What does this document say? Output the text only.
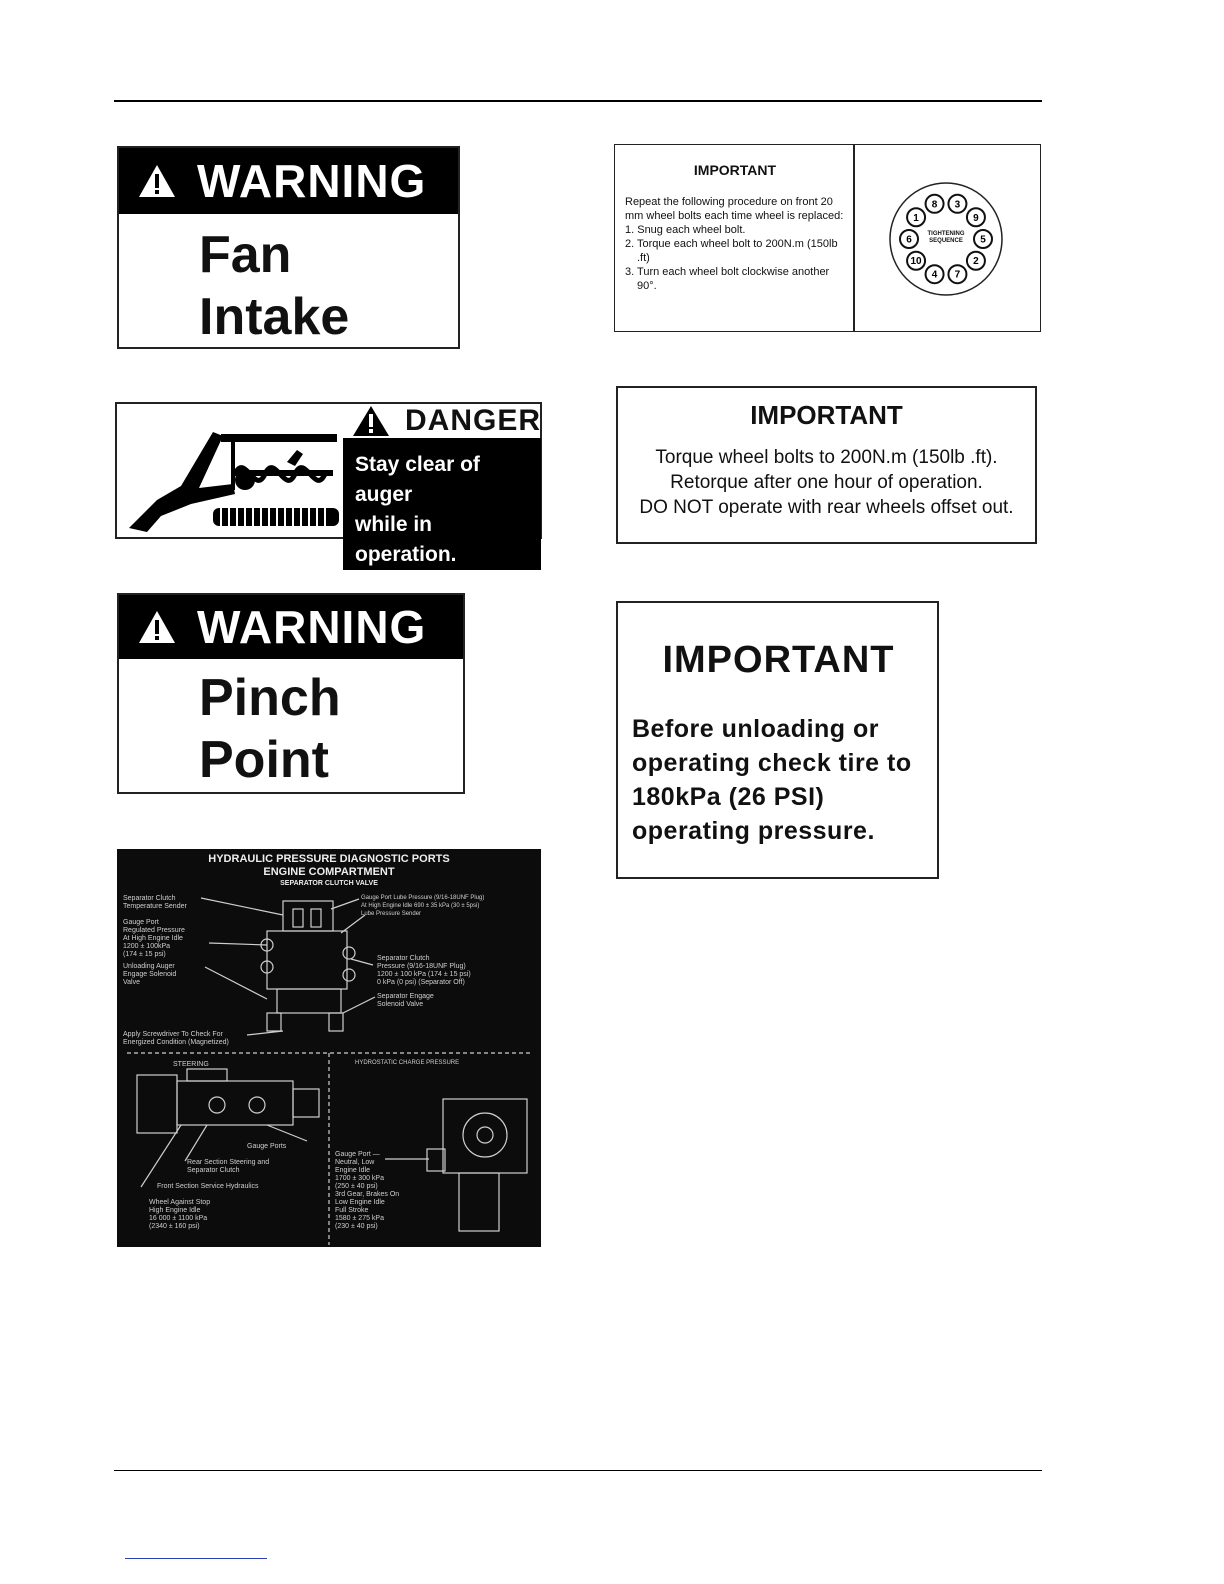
WARNING
Fan
Intake
DANGER
Stay clear of auger
while in operation.
WARNING
Pinch
Point
HYDRAULIC PRESSURE DIAGNOSTIC PORTS
ENGINE COMPARTMENT
SEPARATOR CLUTCH VALVE
Separator Clutch
Temperature Sender
Gauge Port
Regulated Pressure
At High Engine Idle
1200 ± 100kPa
(174 ± 15 psi)
Unloading Auger
Engage Solenoid
Valve
Gauge Port Lube Pressure (9/16-18UNF Plug)
At High Engine Idle 690 ± 35 kPa (30 ± 5psi)
Lube Pressure Sender
Separator Clutch
Pressure (9/16-18UNF Plug)
1200 ± 100 kPa (174 ± 15 psi)
0 kPa (0 psi) (Separator Off)
Separator Engage
Solenoid Valve
Apply Screwdriver To Check For
Energized Condition (Magnetized)
STEERING	HYDROSTATIC CHARGE PRESSURE
Gauge Ports
Rear Section Steering and
Separator Clutch
Front Section Service Hydraulics
Wheel Against Stop
High Engine Idle
16 000 ± 1100 kPa
(2340 ± 160 psi)
Gauge Port —
Neutral, Low
Engine Idle
1700 ± 300 kPa
(250 ± 40 psi)
3rd Gear, Brakes On
Low Engine Idle
Full Stroke
1580 ± 275 kPa
(230 ± 40 psi)
IMPORTANT
Repeat the following procedure on front 20 mm wheel bolts each time wheel is replaced:
1. Snug each wheel bolt.
2. Torque each wheel bolt to 200N.m (150lb .ft)
3. Turn each wheel bolt clockwise another 90°.
3
9
5
2
7
4
10
6
1
8
TIGHTENING SEQUENCE
IMPORTANT
Torque wheel bolts to 200N.m (150lb .ft).
Retorque after one hour of operation.
DO NOT operate with rear wheels offset out.
IMPORTANT
Before unloading or
operating check tire to
180kPa (26 PSI)
operating pressure.
